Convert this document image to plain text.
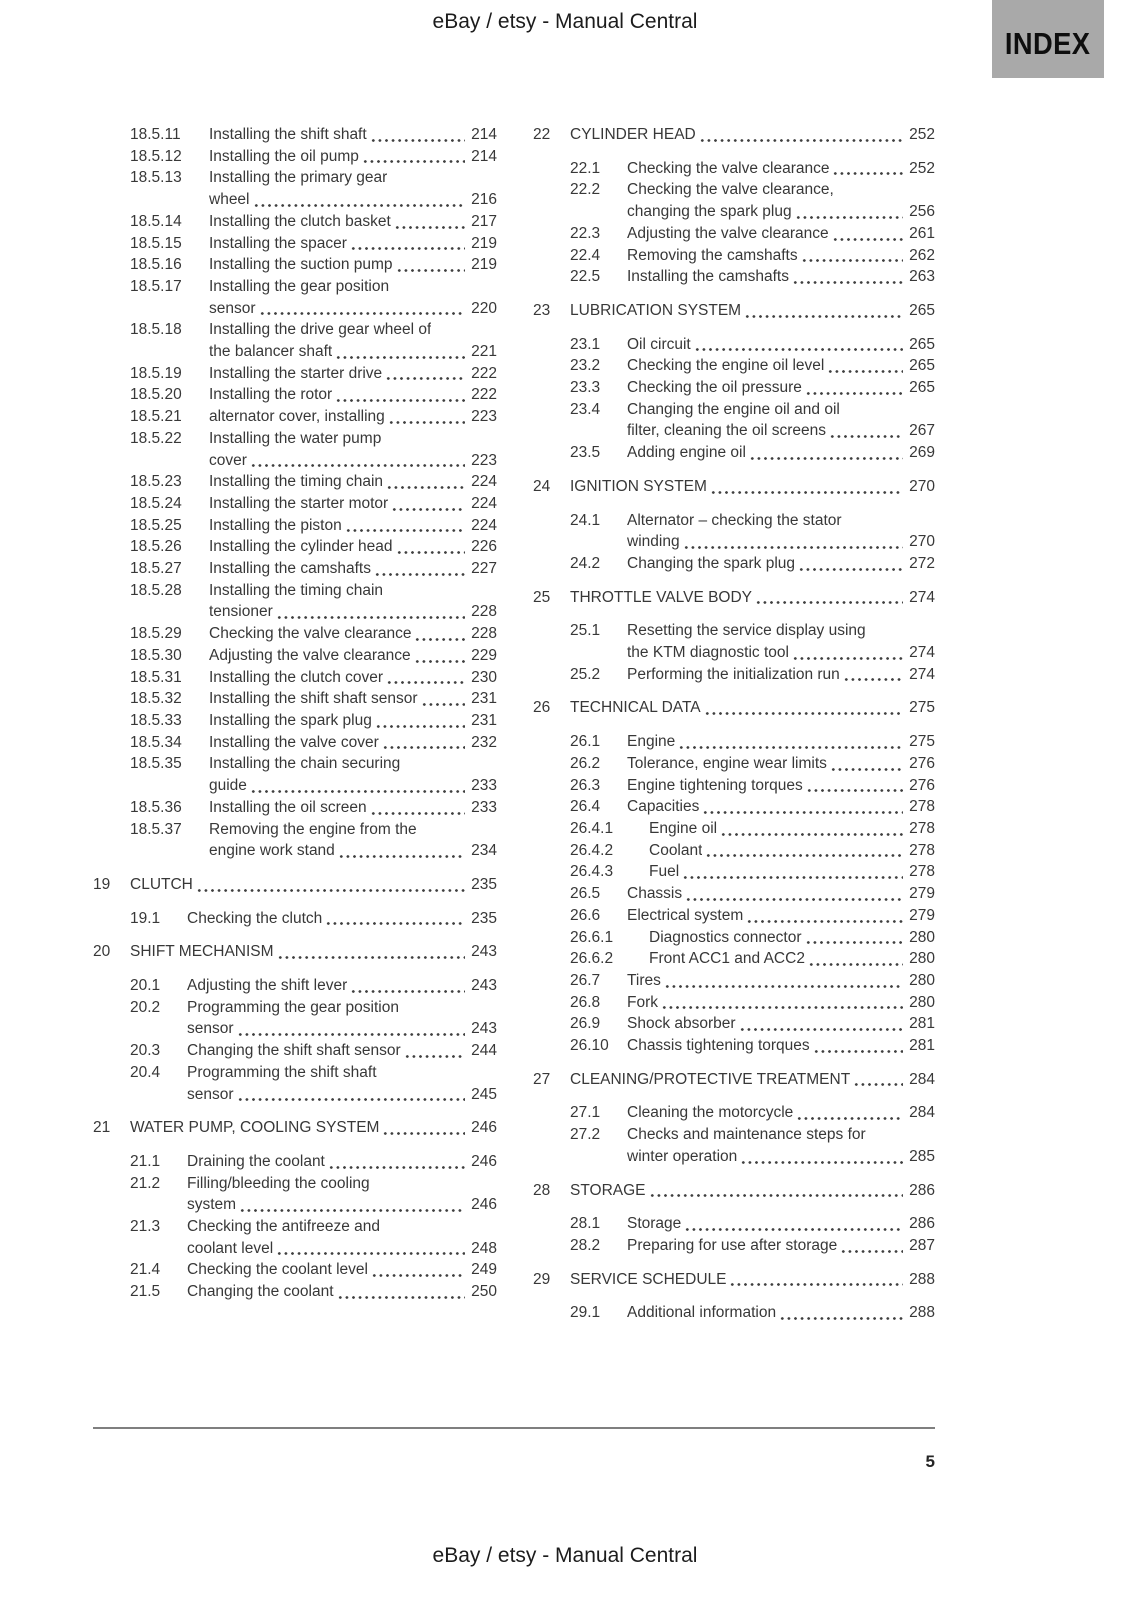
eBay / etsy - Manual Central
INDEX
18.5.11	Installing the shift shaft	214
18.5.12	Installing the oil pump	214
18.5.13	Installing the primary gear
wheel	216
18.5.14	Installing the clutch basket	217
18.5.15	Installing the spacer	219
18.5.16	Installing the suction pump	219
18.5.17	Installing the gear position
sensor	220
18.5.18	Installing the drive gear wheel of
the balancer shaft	221
18.5.19	Installing the starter drive	222
18.5.20	Installing the rotor	222
18.5.21	alternator cover, installing	223
18.5.22	Installing the water pump
cover	223
18.5.23	Installing the timing chain	224
18.5.24	Installing the starter motor	224
18.5.25	Installing the piston	224
18.5.26	Installing the cylinder head	226
18.5.27	Installing the camshafts	227
18.5.28	Installing the timing chain
tensioner	228
18.5.29	Checking the valve clearance	228
18.5.30	Adjusting the valve clearance	229
18.5.31	Installing the clutch cover	230
18.5.32	Installing the shift shaft sensor	231
18.5.33	Installing the spark plug	231
18.5.34	Installing the valve cover	232
18.5.35	Installing the chain securing
guide	233
18.5.36	Installing the oil screen	233
18.5.37	Removing the engine from the
engine work stand	234
19	CLUTCH	235
19.1	Checking the clutch	235
20	SHIFT MECHANISM	243
20.1	Adjusting the shift lever	243
20.2	Programming the gear position
sensor	243
20.3	Changing the shift shaft sensor	244
20.4	Programming the shift shaft
sensor	245
21	WATER PUMP, COOLING SYSTEM	246
21.1	Draining the coolant	246
21.2	Filling/bleeding the cooling
system	246
21.3	Checking the antifreeze and
coolant level	248
21.4	Checking the coolant level	249
21.5	Changing the coolant	250
22	CYLINDER HEAD	252
22.1	Checking the valve clearance	252
22.2	Checking the valve clearance,
changing the spark plug	256
22.3	Adjusting the valve clearance	261
22.4	Removing the camshafts	262
22.5	Installing the camshafts	263
23	LUBRICATION SYSTEM	265
23.1	Oil circuit	265
23.2	Checking the engine oil level	265
23.3	Checking the oil pressure	265
23.4	Changing the engine oil and oil
filter, cleaning the oil screens	267
23.5	Adding engine oil	269
24	IGNITION SYSTEM	270
24.1	Alternator – checking the stator
winding	270
24.2	Changing the spark plug	272
25	THROTTLE VALVE BODY	274
25.1	Resetting the service display using
the KTM diagnostic tool	274
25.2	Performing the initialization run	274
26	TECHNICAL DATA	275
26.1	Engine	275
26.2	Tolerance, engine wear limits	276
26.3	Engine tightening torques	276
26.4	Capacities	278
26.4.1	Engine oil	278
26.4.2	Coolant	278
26.4.3	Fuel	278
26.5	Chassis	279
26.6	Electrical system	279
26.6.1	Diagnostics connector	280
26.6.2	Front ACC1 and ACC2	280
26.7	Tires	280
26.8	Fork	280
26.9	Shock absorber	281
26.10	Chassis tightening torques	281
27	CLEANING/PROTECTIVE TREATMENT	284
27.1	Cleaning the motorcycle	284
27.2	Checks and maintenance steps for
winter operation	285
28	STORAGE	286
28.1	Storage	286
28.2	Preparing for use after storage	287
29	SERVICE SCHEDULE	288
29.1	Additional information	288
5
eBay / etsy - Manual Central
